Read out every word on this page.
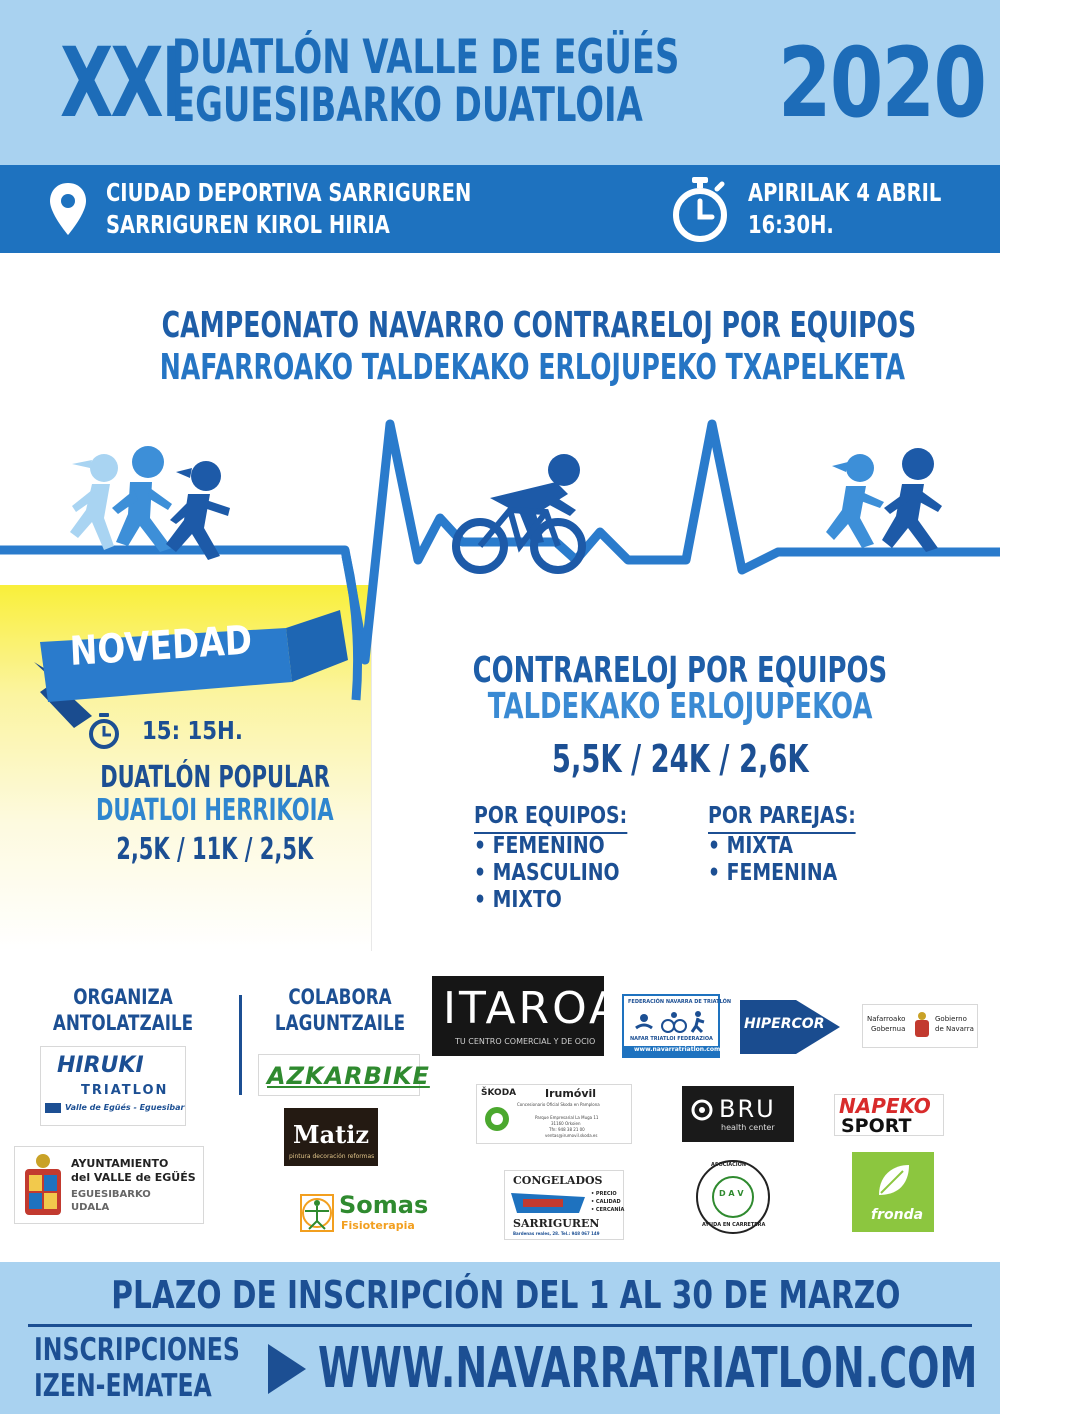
XXI
DUATLÓN VALLE DE EGÜÉS
EGUESIBARKO DUATLOIA	2020
CIUDAD DEPORTIVA SARRIGUREN
SARRIGUREN KIROL HIRIA
APIRILAK 4 ABRIL
16:30H.
CAMPEONATO NAVARRO CONTRARELOJ POR EQUIPOS
NAFARROAKO TALDEKAKO ERLOJUPEKO TXAPELKETA
NOVEDAD
15: 15H.
DUATLÓN POPULAR
DUATLOI HERRIKOIA
2,5K / 11K / 2,5K
CONTRARELOJ POR EQUIPOS
TALDEKAKO ERLOJUPEKOA
5,5K / 24K / 2,6K
POR EQUIPOS:
• FEMENINO
• MASCULINO
• MIXTO
POR PAREJAS:
• MIXTA
• FEMENINA
ORGANIZA
ANTOLATZAILE
COLABORA
LAGUNTZAILE
HIRUKI
TRIATLON
Valle de Egüés - Eguesibar
AYUNTAMIENTO
del VALLE de EGÜÉS
EGUESIBARKO
UDALA
ITAROA
TU CENTRO COMERCIAL Y DE OCIO
FEDERACIÓN NAVARRA DE TRIATLÓN
NAFAR TRIATLOI FEDERAZIOA
www.navarratriatlon.com
HIPERCOR	Nafarroako
Gobernua
Gobierno
de Navarra
AZKARBIKE
ŠKODA	Irumóvil
Concesionario Oficial Skoda en Pamplona
Parque Empresarial La Muga 11
31160 Orkoien
Tfn: 948 38 21 00
ventas@irumovil.skoda.es
BRU
health center
NAPEKO
SPORT
Matiz
pintura decoración reformas
CONGELADOS
• PRECIO
• CALIDAD
• CERCANÍA
SARRIGUREN
Bardenas reales, 28. Tel.: 948 067 149
ASOCIACIÓN
AYUDA EN CARRETERA
D A V
fronda
Somas
Fisioterapia
PLAZO DE INSCRIPCIÓN DEL 1 AL 30 DE MARZO
INSCRIPCIONES
IZEN-EMATEA	WWW.NAVARRATRIATLON.COM
